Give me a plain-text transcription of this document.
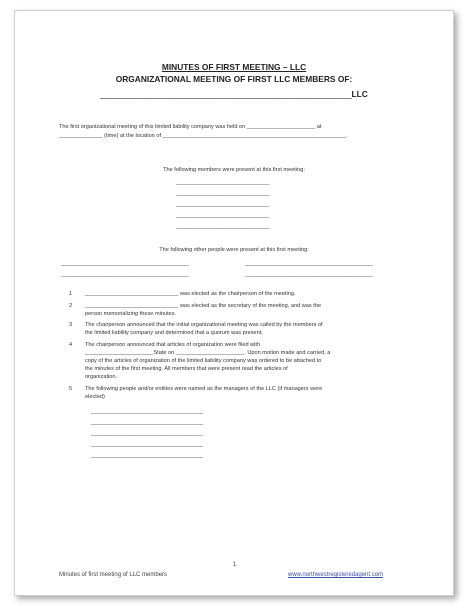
MINUTES OF FIRST MEETING – LLC
ORGANIZATIONAL MEETING OF FIRST LLC MEMBERS OF:
___________________________________________________________LLC
The first organizational meeting of this limited liability company was held on ______________________ at
______________ (time) at the location of ___________________________________________________________.
The following members were present at this first meeting:
______________________________
______________________________
______________________________
______________________________
______________________________
The following other people were present at this first meeting:
_________________________________________
_________________________________________
_________________________________________
_________________________________________
1 ______________________________ was elected as the chairperson of the meeting.
2 ______________________________ was elected as the secretary of the meeting, and was the
person memorializing these minutes.
3 The chairperson announced that the initial organizational meeting was called by the members of
the limited liability company and determined that a quorum was present.
4 The chairperson announced that articles of organization were filed with
______________________State on ______________________. Upon motion made and carried, a
copy of the articles of organization of the limited liability company was ordered to be attached to
the minutes of the first meeting. All members that were present read the articles of
organization.
5 The following people and/or entities were named as the managers of the LLC (if managers were
elected)
____________________________________
____________________________________
____________________________________
____________________________________
____________________________________
1
Minutes of first meeting of LLC members	www.northwestregisteredagent.com
